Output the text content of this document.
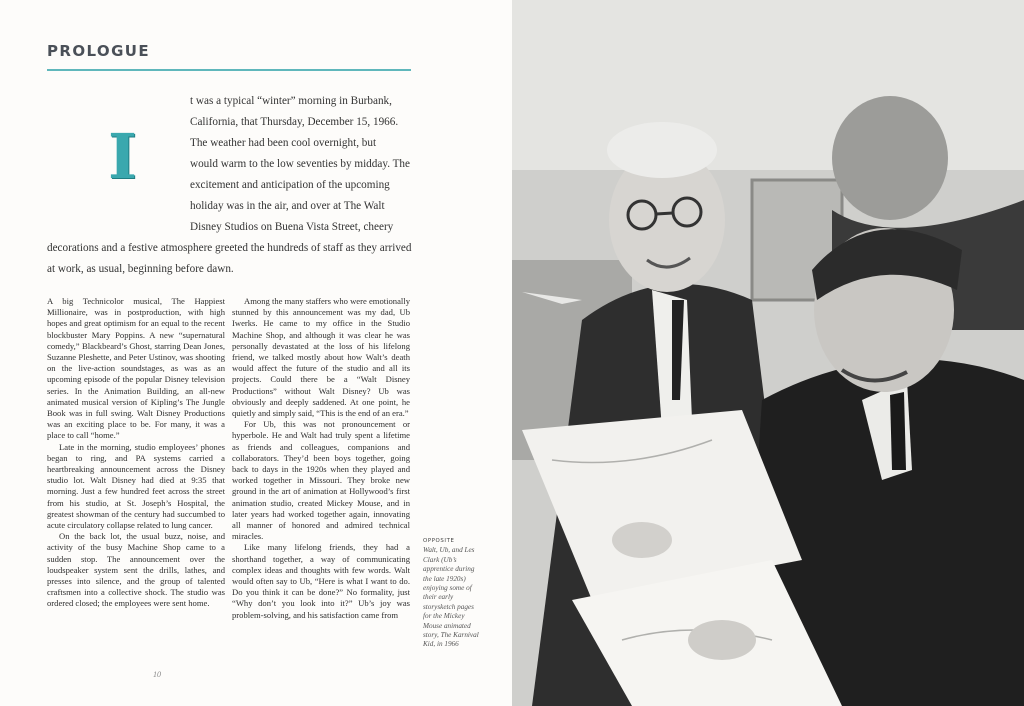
PROLOGUE
I
t was a typical “winter” morning in Burbank,
California, that Thursday, December 15, 1966.
The weather had been cool overnight, but
would warm to the low seventies by midday. The
excitement and anticipation of the upcoming
holiday was in the air, and over at The Walt
Disney Studios on Buena Vista Street, cheery
decorations and a festive atmosphere greeted the hundreds of staff as they arrived
at work, as usual, beginning before dawn.

A big Technicolor musical, The Happiest Millionaire, was in postproduction, with high hopes and great optimism for an equal to the recent blockbuster Mary Poppins. A new “supernatural comedy,” Blackbeard’s Ghost, starring Dean Jones, Suzanne Pleshette, and Peter Ustinov, was shooting on the live-action soundstages, as was as an upcoming episode of the popular Disney television series. In the Animation Building, an all-new animated musical version of Kipling’s The Jungle Book was in full swing. Walt Disney Productions was an exciting place to be. For many, it was a place to call “home.”

Late in the morning, studio employees’ phones began to ring, and PA systems carried a heartbreaking announcement across the Disney studio lot. Walt Disney had died at 9:35 that morning. Just a few hundred feet across the street from his studio, at St. Joseph’s Hospital, the greatest showman of the century had succumbed to acute circulatory collapse related to lung cancer.

On the back lot, the usual buzz, noise, and activity of the busy Machine Shop came to a sudden stop. The announcement over the loudspeaker system sent the drills, lathes, and presses into silence, and the group of talented craftsmen into a collective shock. The studio was ordered closed; the employees were sent home.

Among the many staffers who were emotionally stunned by this announcement was my dad, Ub Iwerks. He came to my office in the Studio Machine Shop, and although it was clear he was personally devastated at the loss of his lifelong friend, we talked mostly about how Walt’s death would affect the future of the studio and all its projects. Could there be a “Walt Disney Productions” without Walt Disney? Ub was obviously and deeply saddened. At one point, he quietly and simply said, “This is the end of an era.”

For Ub, this was not pronouncement or hyperbole. He and Walt had truly spent a lifetime as friends and colleagues, companions and collaborators. They’d been boys together, going back to days in the 1920s when they played and worked together in Missouri. They broke new ground in the art of animation at Hollywood’s first animation studio, created Mickey Mouse, and in later years had worked together again, innovating all manner of honored and admired technical miracles.

Like many lifelong friends, they had a shorthand together, a way of communicating complex ideas and thoughts with few words. Walt would often say to Ub, “Here is what I want to do. Do you think it can be done?” No formality, just “Why don’t you look into it?” Ub’s joy was problem-solving, and his satisfaction came from

OPPOSITE
Walt, Ub, and Les Clark (Ub’s apprentice during the late 1920s) enjoying some of their early storysketch pages for the Mickey Mouse animated story, The Karnival Kid, in 1966
10
